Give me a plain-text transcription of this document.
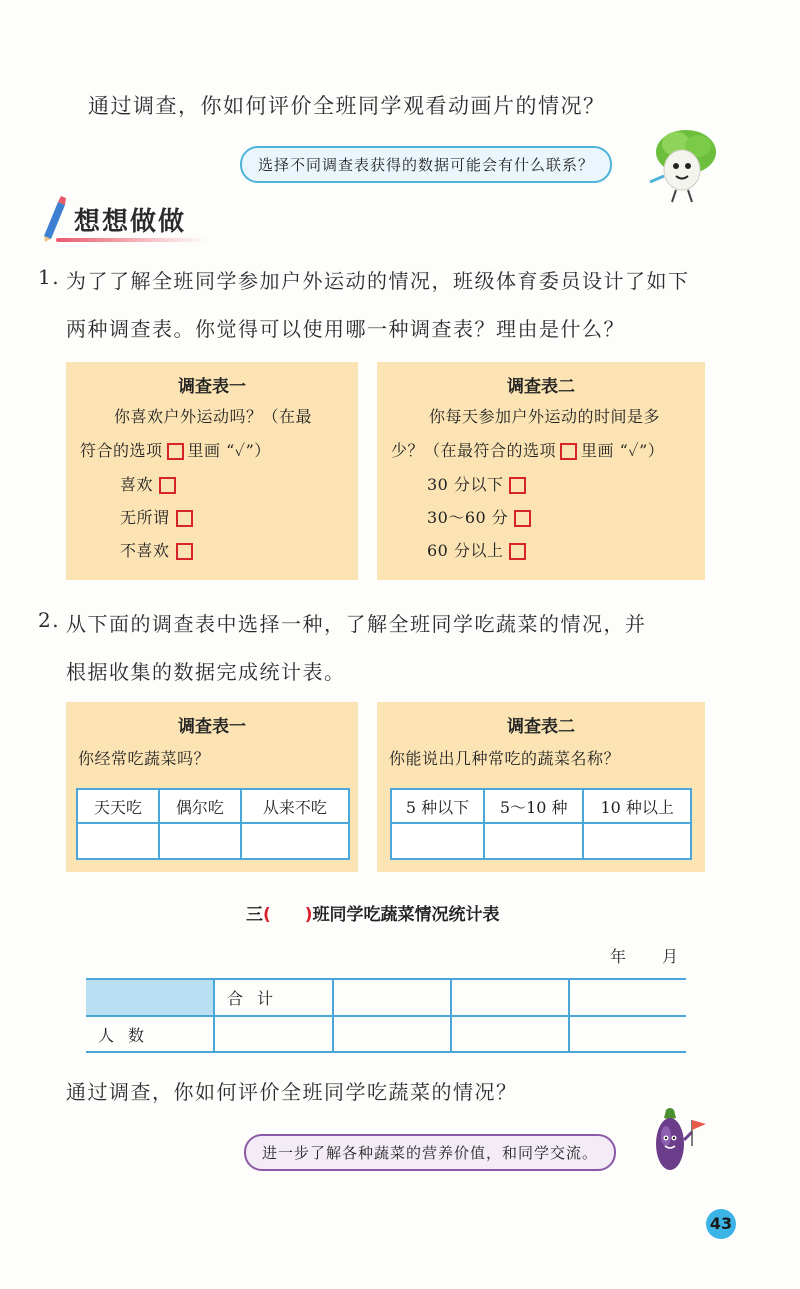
通过调查，你如何评价全班同学观看动画片的情况？
选择不同调查表获得的数据可能会有什么联系？
想想做做
1. 为了了解全班同学参加户外运动的情况，班级体育委员设计了如下
两种调查表。你觉得可以使用哪一种调查表？理由是什么？
调查表一
你喜欢户外运动吗？（在最
符合的选项 里画 “✓”）
喜欢
无所谓
不喜欢
调查表二
你每天参加户外运动的时间是多
少？（在最符合的选项 里画 “✓”）
30 分以下
30～60 分
60 分以上
2. 从下面的调查表中选择一种，了解全班同学吃蔬菜的情况，并
根据收集的数据完成统计表。
调查表一
你经常吃蔬菜吗？
天天吃	偶尔吃	从来不吃

调查表二
你能说出几种常吃的蔬菜名称？
5 种以下	5～10 种	10 种以上

三( )班同学吃蔬菜情况统计表
年 月
	合计			
人数				
通过调查，你如何评价全班同学吃蔬菜的情况？
进一步了解各种蔬菜的营养价值，和同学交流。
43
